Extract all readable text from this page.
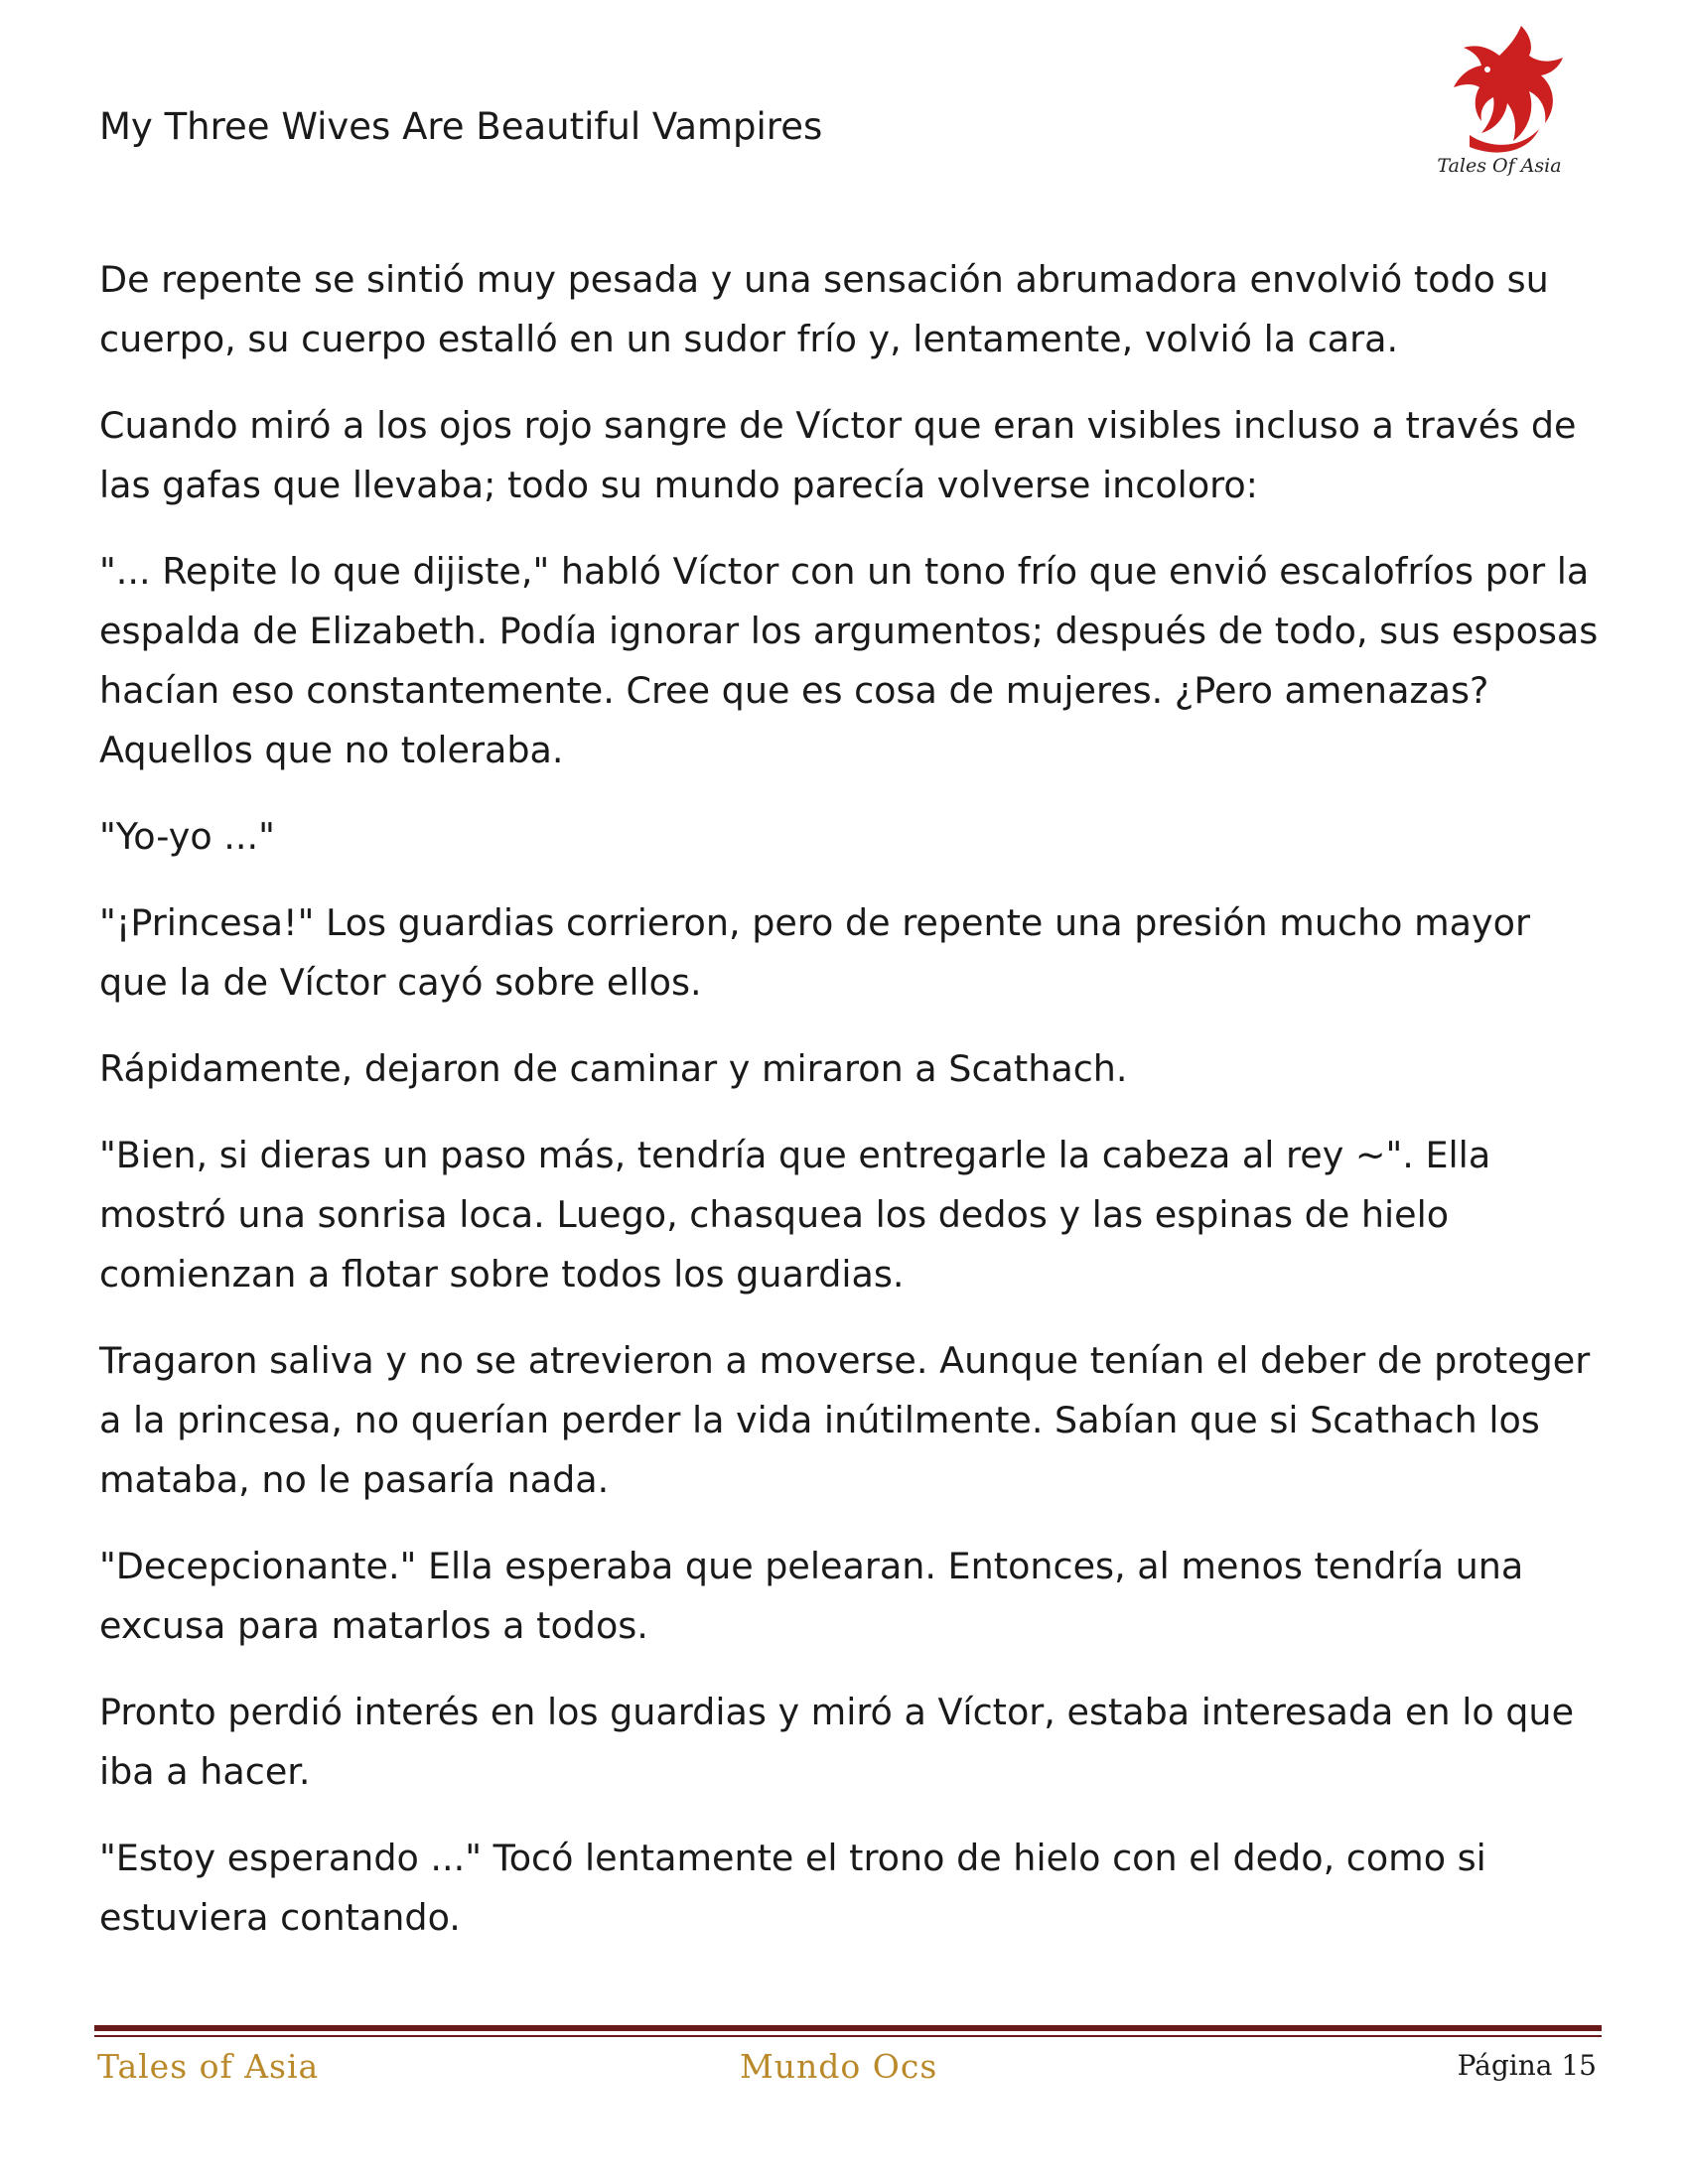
My Three Wives Are Beautiful Vampires
Tales Of Asia

De repente se sintió muy pesada y una sensación abrumadora envolvió todo su cuerpo, su cuerpo estalló en un sudor frío y, lentamente, volvió la cara.

Cuando miró a los ojos rojo sangre de Víctor que eran visibles incluso a través de las gafas que llevaba; todo su mundo parecía volverse incoloro:

"... Repite lo que dijiste," habló Víctor con un tono frío que envió escalofríos por la espalda de Elizabeth. Podía ignorar los argumentos; después de todo, sus esposas hacían eso constantemente. Cree que es cosa de mujeres. ¿Pero amenazas? Aquellos que no toleraba.

"Yo-yo ..."

"¡Princesa!" Los guardias corrieron, pero de repente una presión mucho mayor que la de Víctor cayó sobre ellos.

Rápidamente, dejaron de caminar y miraron a Scathach.

"Bien, si dieras un paso más, tendría que entregarle la cabeza al rey ~". Ella mostró una sonrisa loca. Luego, chasquea los dedos y las espinas de hielo comienzan a flotar sobre todos los guardias.

Tragaron saliva y no se atrevieron a moverse. Aunque tenían el deber de proteger a la princesa, no querían perder la vida inútilmente. Sabían que si Scathach los mataba, no le pasaría nada.

"Decepcionante." Ella esperaba que pelearan. Entonces, al menos tendría una excusa para matarlos a todos.

Pronto perdió interés en los guardias y miró a Víctor, estaba interesada en lo que iba a hacer.

"Estoy esperando ..." Tocó lentamente el trono de hielo con el dedo, como si estuviera contando.

Tales of Asia	Mundo Ocs	Página 15
